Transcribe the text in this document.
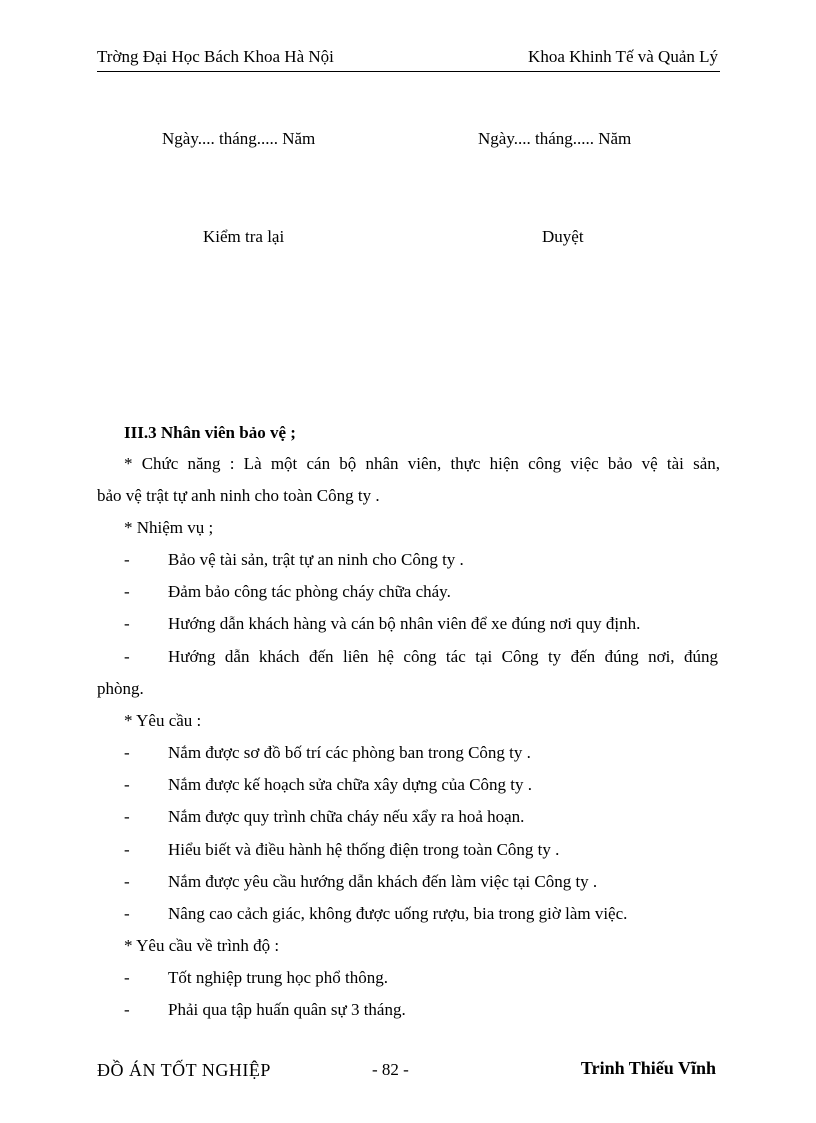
Trờng Đại Học Bách Khoa Hà Nội	Khoa Khinh Tế và Quản Lý
Ngày.... tháng..... Năm	Ngày.... tháng..... Năm
Kiểm tra lại	Duyệt
III.3 Nhân viên bảo vệ ;
* Chức năng : Là một cán bộ nhân viên, thực hiện công việc bảo vệ tài sản,
bảo vệ trật tự anh ninh cho toàn Công ty .
* Nhiệm vụ ;
- Bảo vệ tài sản, trật tự an ninh cho Công ty .
- Đảm bảo công tác phòng cháy chữa cháy.
- Hướng dẫn khách hàng và cán bộ nhân viên để xe đúng nơi quy định.
- Hướng dẫn khách đến liên hệ công tác tại Công ty đến đúng nơi, đúng
phòng.
* Yêu cầu :
- Nắm được sơ đồ bố trí các phòng ban trong Công ty .
- Nắm được kế hoạch sửa chữa xây dựng của Công ty .
- Nắm được quy trình chữa cháy nếu xẩy ra hoả hoạn.
- Hiểu biết và điều hành hệ thống điện trong toàn Công ty .
- Nắm được yêu cầu hướng dẫn khách đến làm việc tại Công ty .
- Nâng cao cảch giác, không được uống rượu, bia trong giờ làm việc.
* Yêu cầu về trình độ :
- Tốt nghiệp trung học phổ thông.
- Phải qua tập huấn quân sự 3 tháng.
ĐỒ ÁN TỐT NGHIỆP	- 82 -	Trinh Thiếu Vĩnh
